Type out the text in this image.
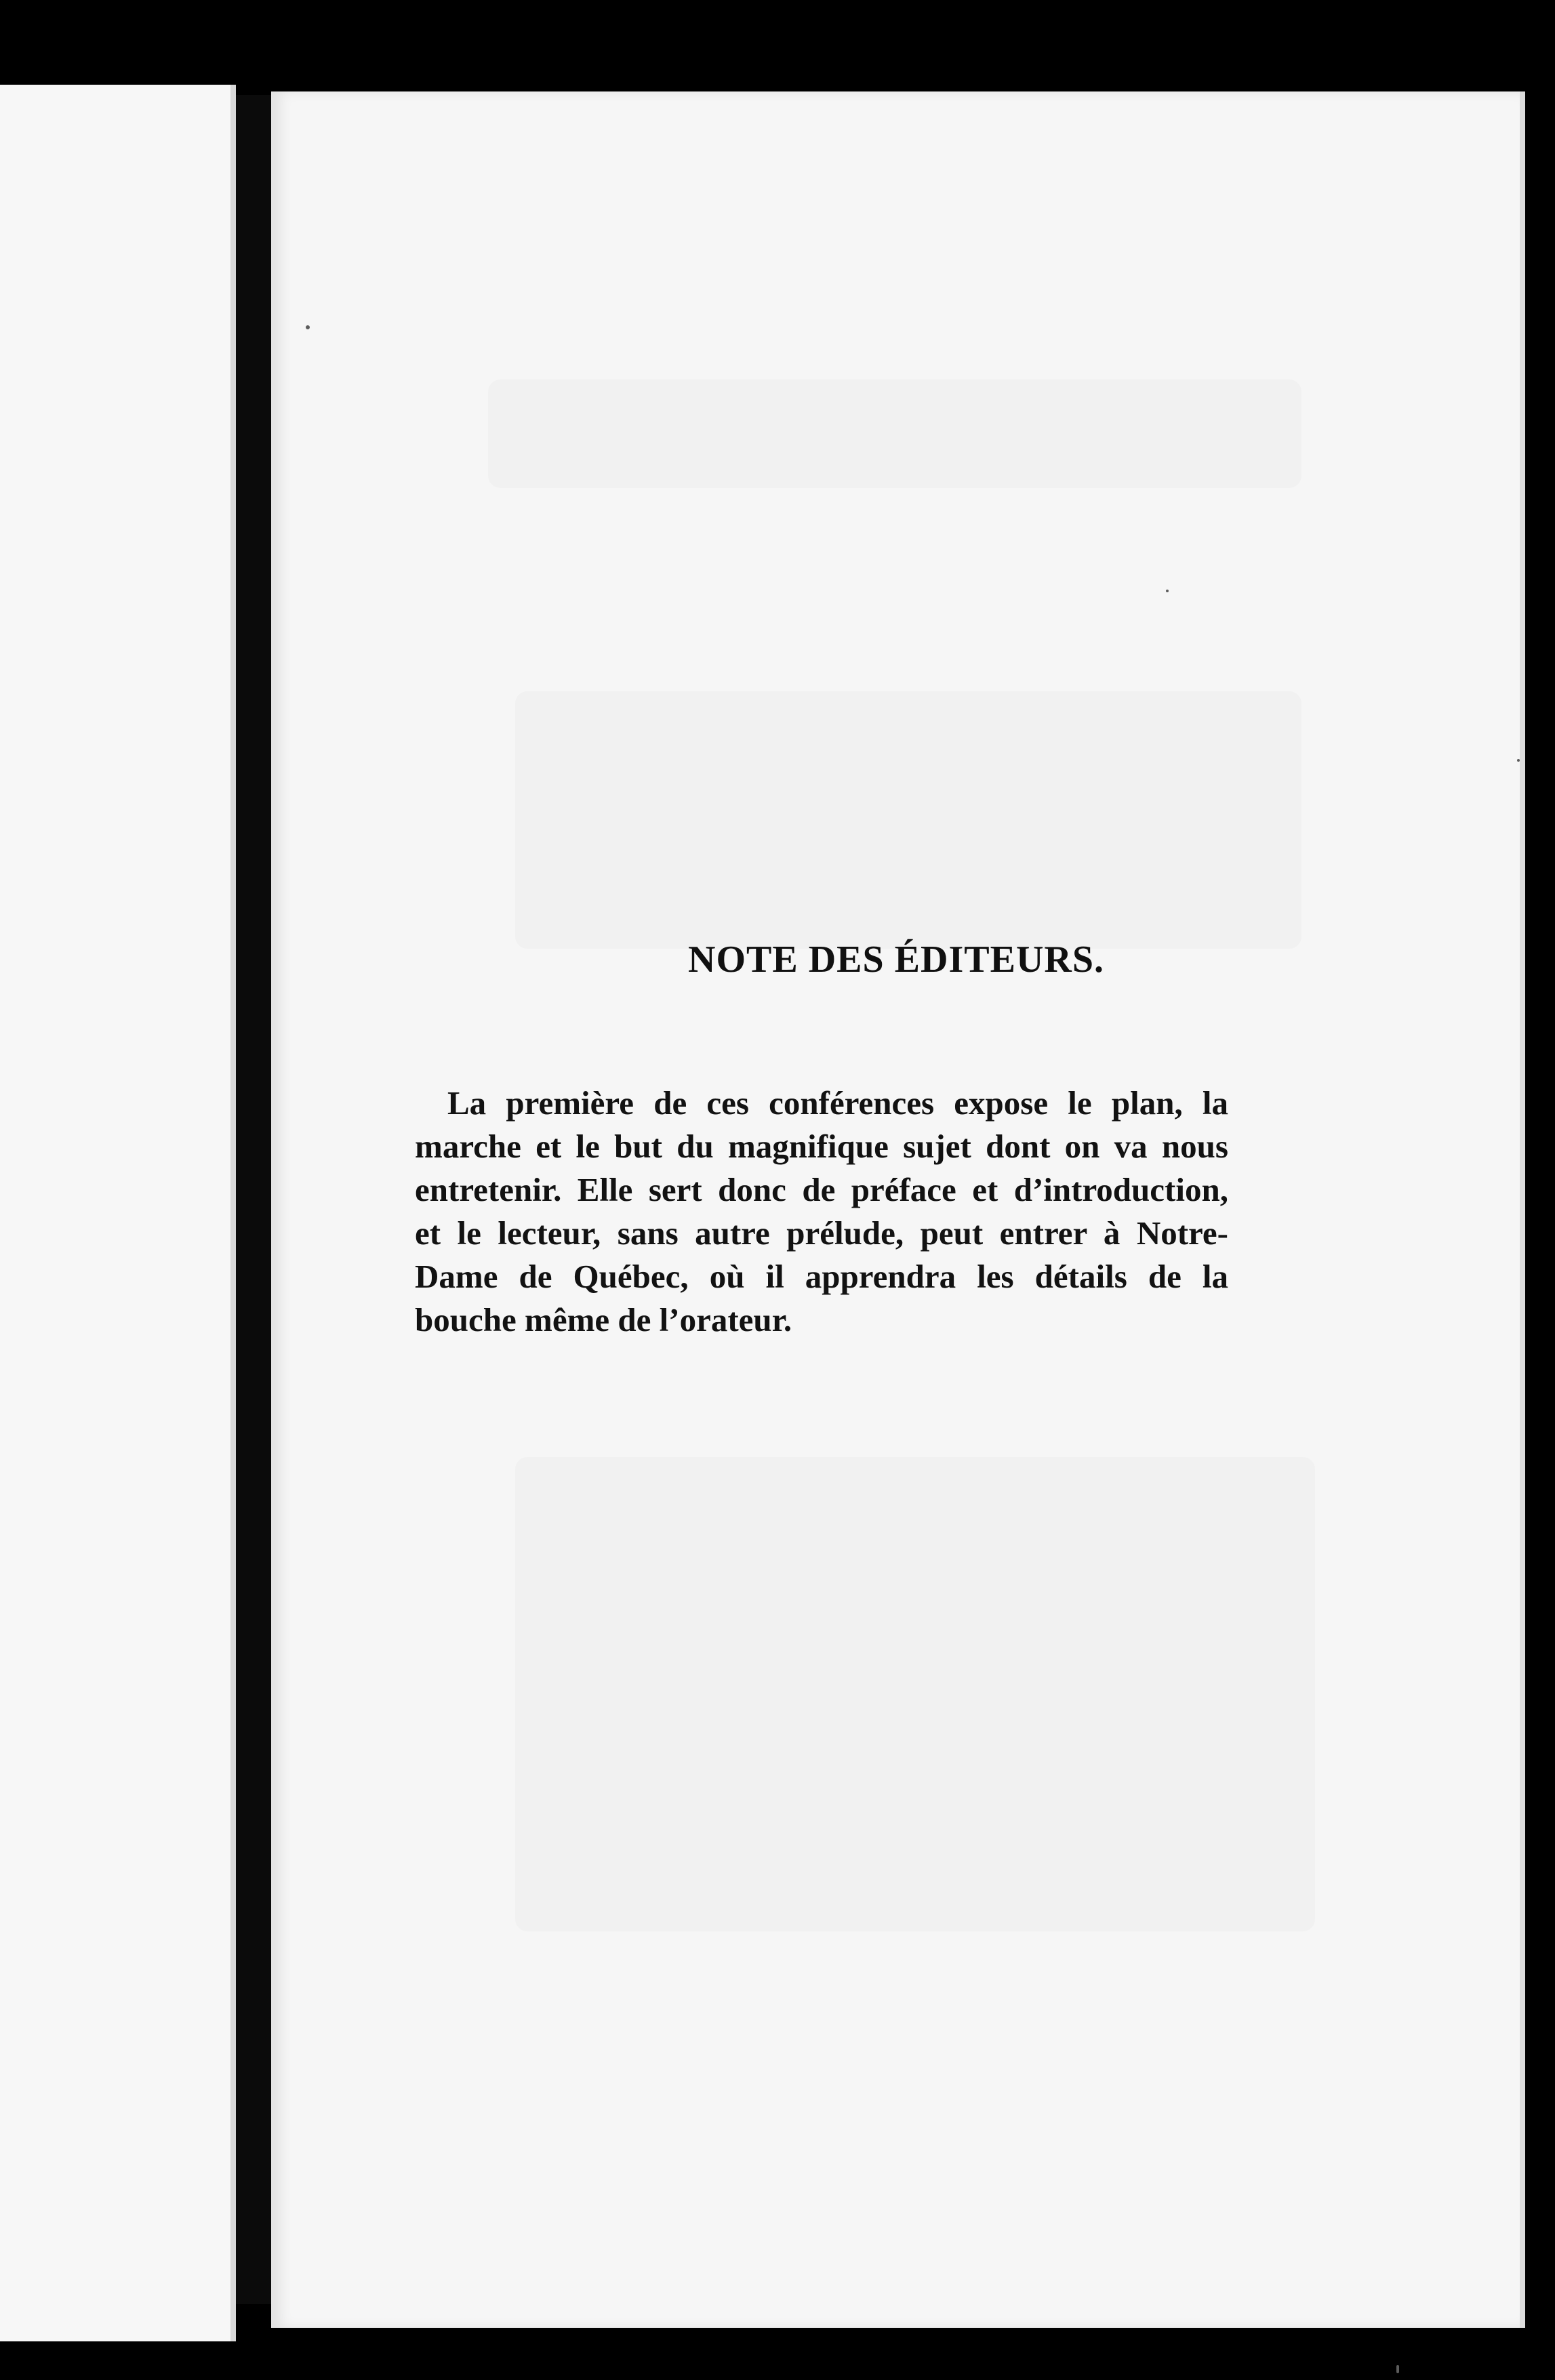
NOTE DES ÉDITEURS.

La première de ces conférences expose le plan, la
marche et le but du magnifique sujet dont on va nous
entretenir. Elle sert donc de préface et d’introduction,
et le lecteur, sans autre prélude, peut entrer à Notre-
Dame de Québec, où il apprendra les détails de la
bouche même de l’orateur.
